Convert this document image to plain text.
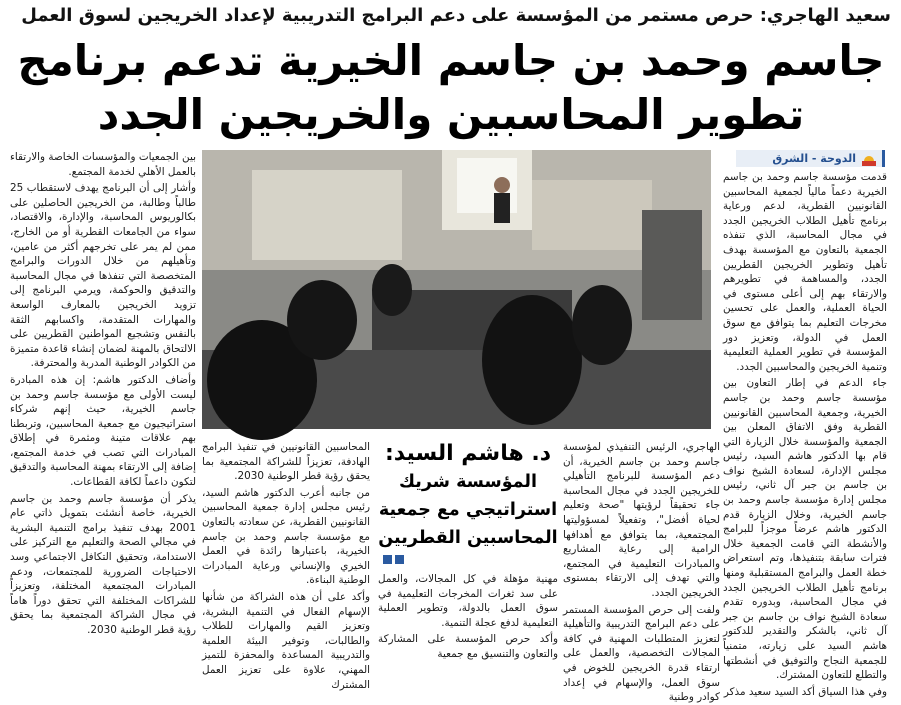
سعيد الهاجري: حرص مستمر من المؤسسة على دعم البرامج التدريبية لإعداد الخريجين لسوق العمل
جاسم وحمد بن جاسم الخيرية تدعم برنامج
تطوير المحاسبين والخريجين الجدد
الدوحة - الشرق

قدمت مؤسسة جاسم وحمد بن جاسم الخيرية دعماً مالياً لجمعية المحاسبين القانونيين القطرية، لدعم ورعاية برنامج تأهيل الطلاب الخريجين الجدد في مجال المحاسبة، الذي تنفذه الجمعية بالتعاون مع المؤسسة بهدف تأهيل وتطوير الخريجين القطريين الجدد، والمساهمة في تطويرهم والارتقاء بهم إلى أعلى مستوى في الحياة العملية، والعمل على تحسين مخرجات التعليم بما يتوافق مع سوق العمل في الدولة، وتعزيز دور المؤسسة في تطوير العملية التعليمية وتنمية الخريجين والمحاسبين الجدد.

جاء الدعم في إطار التعاون بين مؤسسة جاسم وحمد بن جاسم الخيرية، وجمعية المحاسبين القانونيين القطرية وفق الاتفاق المعلن بين الجمعية والمؤسسة خلال الزيارة التي قام بها الدكتور هاشم السيد، رئيس مجلس الإدارة، لسعادة الشيخ نواف بن جاسم بن جبر آل ثاني، رئيس مجلس إدارة مؤسسة جاسم وحمد بن جاسم الخيرية، وخلال الزيارة قدم الدكتور هاشم عرضاً موجزاً للبرامج والأنشطة التي قامت الجمعية خلال فترات سابقة بتنفيذها، وتم استعراض خطة العمل والبرامج المستقبلية ومنها برنامج تأهيل الطلاب الخريجين الجدد في مجال المحاسبة، وبدوره تقدم سعادة الشيخ نواف بن جاسم بن جبر آل ثاني، بالشكر والتقدير للدكتور هاشم السيد على زيارته، متمنياً للجمعية النجاح والتوفيق في أنشطتها والتطلع للتعاون المشترك.

وفي هذا السياق أكد السيد سعيد مذكر

بين الجمعيات والمؤسسات الخاصة والارتقاء بالعمل الأهلي لخدمة المجتمع.

وأشار إلى أن البرنامج يهدف لاستقطاب 25 طالباً وطالبة، من الخريجين الحاصلين على بكالوريوس المحاسبة، والإدارة، والاقتصاد، سواء من الجامعات القطرية أو من الخارج، ممن لم يمر على تخرجهم أكثر من عامين، وتأهيلهم من خلال الدورات والبرامج المتخصصة التي تنفذها في مجال المحاسبة والتدقيق والحوكمة، ويرمي البرنامج إلى تزويد الخريجين بالمعارف الواسعة والمهارات المتقدمة، واكسابهم الثقة بالنفس وتشجيع المواطنين القطريين على الالتحاق بالمهنة لضمان إنشاء قاعدة متميزة من الكوادر الوطنية المدربة والمحترفة.

وأضاف الدكتور هاشم: إن هذه المبادرة ليست الأولى مع مؤسسة جاسم وحمد بن جاسم الخيرية، حيث إنهم شركاء استراتيجيون مع جمعية المحاسبين، وتربطنا بهم علاقات متينة ومثمرة في إطلاق المبادرات التي تصب في خدمة المجتمع، إضافة إلى الارتقاء بمهنة المحاسبة والتدقيق لتكون داعماً لكافة القطاعات.

يذكر أن مؤسسة جاسم وحمد بن جاسم الخيرية، خاصة أنشئت بتمويل ذاتي عام 2001 بهدف تنفيذ برامج التنمية البشرية في مجالي الصحة والتعليم مع التركيز على الاستدامة، وتحقيق التكافل الاجتماعي وسد الاحتياجات الضرورية للمجتمعات، ودعم المبادرات المجتمعية المختلفة، وتعزيزاً للشراكات المختلفة التي تحقق دوراً هاماً في مجال الشراكة المجتمعية بما يحقق رؤية قطر الوطنية 2030.

الهاجري، الرئيس التنفيذي لمؤسسة جاسم وحمد بن جاسم الخيرية، أن دعم المؤسسة للبرنامج التأهيلي للخريجين الجدد في مجال المحاسبة جاء تحقيقاً لرؤيتها "صحة وتعليم لحياة أفضل"، وتفعيلاً لمسؤوليتها المجتمعية، بما يتوافق مع أهدافها الرامية إلى رعاية المشاريع والمبادرات التعليمية في المجتمع، والتي تهدف إلى الارتقاء بمستوى الخريجين الجدد.

ولفت إلى حرص المؤسسة المستمر على دعم البرامج التدريبية والتأهيلية لتعزيز المتطلبات المهنية في كافة المجالات التخصصية، والعمل على ارتقاء قدرة الخريجين للخوض في سوق العمل، والإسهام في إعداد كوادر وطنية

د. هاشم السيد:
المؤسسة شريك
استراتيجي مع جمعية
المحاسبين القطريين

مهنية مؤهلة في كل المجالات، والعمل على سد ثغرات المخرجات التعليمية في سوق العمل بالدولة، وتطوير العملية التعليمية لدفع عجلة التنمية.

وأكد حرص المؤسسة على المشاركة والتعاون والتنسيق مع جمعية

المحاسبين القانونيين في تنفيذ البرامج الهادفة، تعزيزاً للشراكة المجتمعية بما يحقق رؤية قطر الوطنية 2030.

من جانبه أعرب الدكتور هاشم السيد، رئيس مجلس إدارة جمعية المحاسبين القانونيين القطرية، عن سعادته بالتعاون مع مؤسسة جاسم وحمد بن جاسم الخيرية، باعتبارها رائدة في العمل الخيري والإنساني ورعاية المبادرات الوطنية البناءة.

وأكد على أن هذه الشراكة من شأنها الإسهام الفعال في التنمية البشرية، وتعزيز القيم والمهارات للطلاب والطالبات، وتوفير البيئة العلمية والتدريبية المساعدة والمحفزة للتميز المهني، علاوة على تعزيز العمل المشترك
